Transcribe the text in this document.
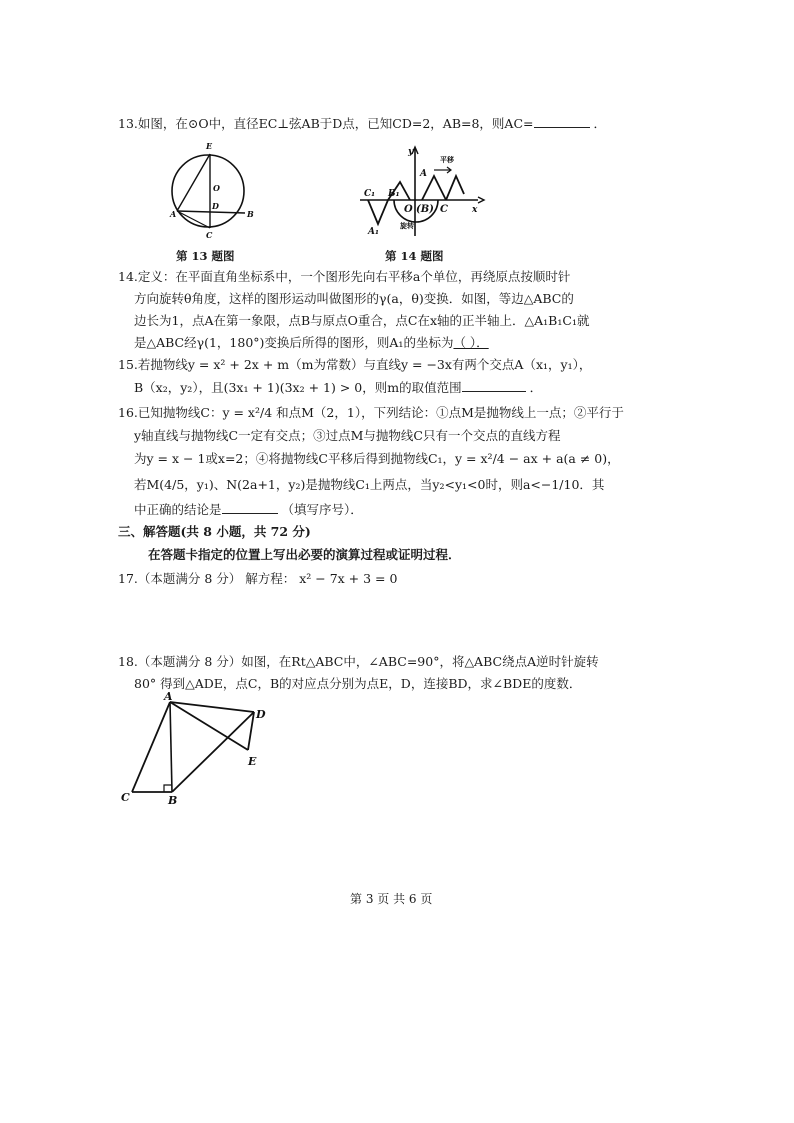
13.如图，在⊙O中，直径EC⊥弦AB于D点，已知CD=2，AB=8，则AC=	．
E
O
A
D
B
C
第 13 题图
平移
旋转
y
x
A
C₁ B₁
O (B) C
A₁
第 14 题图
14.定义：在平面直角坐标系中，一个图形先向右平移a个单位，再绕原点按顺时针
方向旋转θ角度，这样的图形运动叫做图形的γ(a，θ)变换．如图，等边△ABC的
边长为1，点A在第一象限，点B与原点O重合，点C在x轴的正半轴上．△A₁B₁C₁就
是△ABC经γ(1，180°)变换后所得的图形，则A₁的坐标为（ ）．
15.若抛物线y = x² + 2x + m（m为常数）与直线y = −3x有两个交点A（x₁，y₁），
B（x₂，y₂），且(3x₁ + 1)(3x₂ + 1) > 0，则m的取值范围	．
16.已知抛物线C：y = x²/4 和点M（2，1），下列结论：①点M是抛物线上一点；②平行于
y轴直线与抛物线C一定有交点；③过点M与抛物线C只有一个交点的直线方程
为y = x − 1或x=2；④将抛物线C平移后得到抛物线C₁，y = x²/4 − ax + a(a ≠ 0)，
若M(4/5，y₁)、N(2a+1，y₂)是抛物线C₁上两点，当y₂<y₁<0时，则a<−1/10．其
中正确的结论是	（填写序号）．
三、解答题(共 8 小题，共 72 分)
在答题卡指定的位置上写出必要的演算过程或证明过程．
17.（本题满分 8 分） 解方程： x² − 7x + 3 = 0
18.（本题满分 8 分）如图，在Rt△ABC中，∠ABC=90°，将△ABC绕点A逆时针旋转
80° 得到△ADE，点C，B的对应点分别为点E，D，连接BD，求∠BDE的度数．
A
D
E
C	B
第 3 页 共 6 页
